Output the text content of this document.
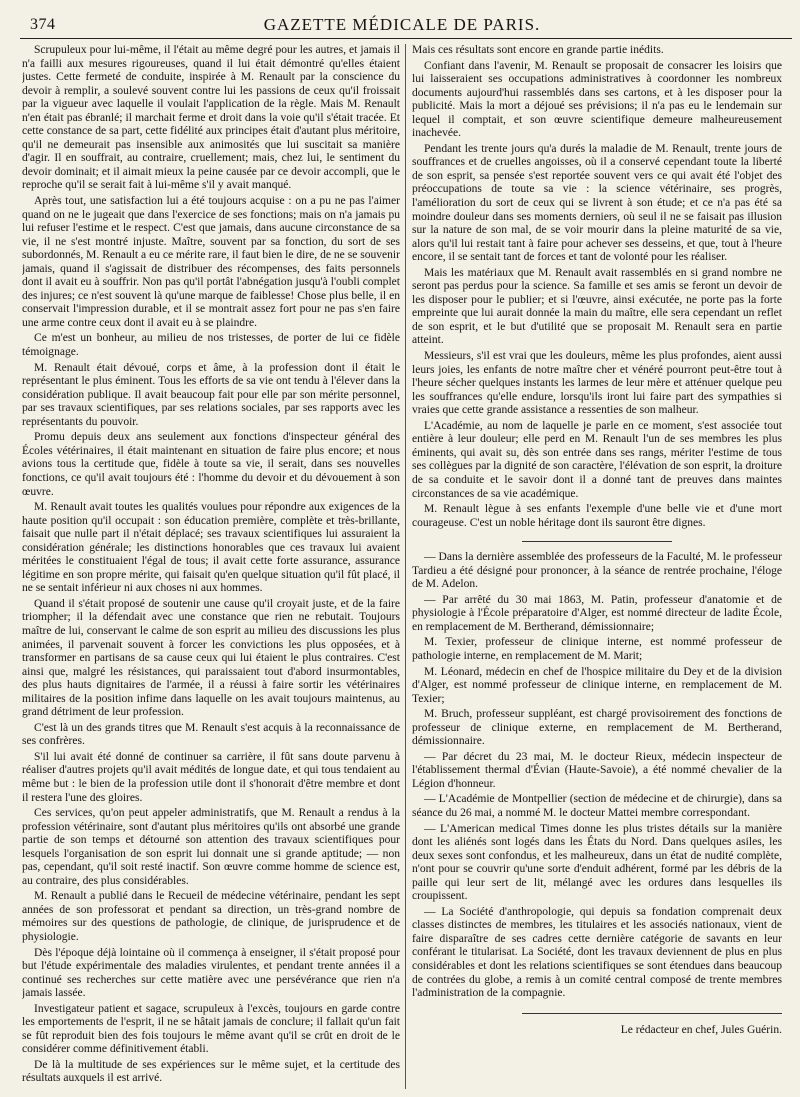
374	GAZETTE MÉDICALE DE PARIS.

Scrupuleux pour lui-même, il l'était au même degré pour les autres, et jamais il n'a failli aux mesures rigoureuses, quand il lui était démontré qu'elles étaient justes. Cette fermeté de conduite, inspirée à M. Renault par la conscience du devoir à remplir, a soulevé souvent contre lui les passions de ceux qu'il froissait par la vigueur avec laquelle il voulait l'application de la règle. Mais M. Renault n'en était pas ébranlé; il marchait ferme et droit dans la voie qu'il s'était tracée. Et cette constance de sa part, cette fidélité aux principes était d'autant plus méritoire, qu'il ne demeurait pas insensible aux animosités que lui suscitait sa manière d'agir. Il en souffrait, au contraire, cruellement; mais, chez lui, le sentiment du devoir dominait; et il aimait mieux la peine causée par ce devoir accompli, que le reproche qu'il se serait fait à lui-même s'il y avait manqué.

Après tout, une satisfaction lui a été toujours acquise : on a pu ne pas l'aimer quand on ne le jugeait que dans l'exercice de ses fonctions; mais on n'a jamais pu lui refuser l'estime et le respect. C'est que jamais, dans aucune circonstance de sa vie, il ne s'est montré injuste. Maître, souvent par sa fonction, du sort de ses subordonnés, M. Renault a eu ce mérite rare, il faut bien le dire, de ne se souvenir jamais, quand il s'agissait de distribuer des récompenses, des faits personnels dont il avait eu à souffrir. Non pas qu'il portât l'abnégation jusqu'à l'oubli complet des injures; ce n'est souvent là qu'une marque de faiblesse! Chose plus belle, il en conservait l'impression durable, et il se montrait assez fort pour ne pas s'en faire une arme contre ceux dont il avait eu à se plaindre.

Ce m'est un bonheur, au milieu de nos tristesses, de porter de lui ce fidèle témoignage.

M. Renault était dévoué, corps et âme, à la profession dont il était le représentant le plus éminent. Tous les efforts de sa vie ont tendu à l'élever dans la considération publique. Il avait beaucoup fait pour elle par son mérite personnel, par ses travaux scientifiques, par ses relations sociales, par ses rapports avec les représentants du pouvoir.

Promu depuis deux ans seulement aux fonctions d'inspecteur général des Écoles vétérinaires, il était maintenant en situation de faire plus encore; et nous avions tous la certitude que, fidèle à toute sa vie, il serait, dans ses nouvelles fonctions, ce qu'il avait toujours été : l'homme du devoir et du dévouement à son œuvre.

M. Renault avait toutes les qualités voulues pour répondre aux exigences de la haute position qu'il occupait : son éducation première, complète et très-brillante, faisait que nulle part il n'était déplacé; ses travaux scientifiques lui assuraient la considération générale; les distinctions honorables que ces travaux lui avaient méritées le constituaient l'égal de tous; il avait cette forte assurance, assurance légitime en son propre mérite, qui faisait qu'en quelque situation qu'il fût placé, il ne se sentait inférieur ni aux choses ni aux hommes.

Quand il s'était proposé de soutenir une cause qu'il croyait juste, et de la faire triompher; il la défendait avec une constance que rien ne rebutait. Toujours maître de lui, conservant le calme de son esprit au milieu des discussions les plus animées, il parvenait souvent à forcer les convictions les plus opposées, et à transformer en partisans de sa cause ceux qui lui étaient le plus contraires. C'est ainsi que, malgré les résistances, qui paraissaient tout d'abord insurmontables, des plus hauts dignitaires de l'armée, il a réussi à faire sortir les vétérinaires militaires de la position infime dans laquelle on les avait toujours maintenus, au grand détriment de leur profession.

C'est là un des grands titres que M. Renault s'est acquis à la reconnaissance de ses confrères.

S'il lui avait été donné de continuer sa carrière, il fût sans doute parvenu à réaliser d'autres projets qu'il avait médités de longue date, et qui tous tendaient au même but : le bien de la profession utile dont il s'honorait d'être membre et dont il restera l'une des gloires.

Ces services, qu'on peut appeler administratifs, que M. Renault a rendus à la profession vétérinaire, sont d'autant plus méritoires qu'ils ont absorbé une grande partie de son temps et détourné son attention des travaux scientifiques pour lesquels l'organisation de son esprit lui donnait une si grande aptitude; — non pas, cependant, qu'il soit resté inactif. Son œuvre comme homme de science est, au contraire, des plus considérables.

M. Renault a publié dans le Recueil de médecine vétérinaire, pendant les sept années de son professorat et pendant sa direction, un très-grand nombre de mémoires sur des questions de pathologie, de clinique, de jurisprudence et de physiologie.

Dès l'époque déjà lointaine où il commença à enseigner, il s'était proposé pour but l'étude expérimentale des maladies virulentes, et pendant trente années il a continué ses recherches sur cette matière avec une persévérance que rien n'a jamais lassée.

Investigateur patient et sagace, scrupuleux à l'excès, toujours en garde contre les emportements de l'esprit, il ne se hâtait jamais de conclure; il fallait qu'un fait se fût reproduit bien des fois toujours le même avant qu'il se crût en droit de le considérer comme définitivement établi.

De là la multitude de ses expériences sur le même sujet, et la certitude des résultats auxquels il est arrivé.

Mais ces résultats sont encore en grande partie inédits.

Confiant dans l'avenir, M. Renault se proposait de consacrer les loisirs que lui laisseraient ses occupations administratives à coordonner les nombreux documents aujourd'hui rassemblés dans ses cartons, et à les disposer pour la publicité. Mais la mort a déjoué ses prévisions; il n'a pas eu le lendemain sur lequel il comptait, et son œuvre scientifique demeure malheureusement inachevée.

Pendant les trente jours qu'a durés la maladie de M. Renault, trente jours de souffrances et de cruelles angoisses, où il a conservé cependant toute la liberté de son esprit, sa pensée s'est reportée souvent vers ce qui avait été l'objet des préoccupations de toute sa vie : la science vétérinaire, ses progrès, l'amélioration du sort de ceux qui se livrent à son étude; et ce n'a pas été sa moindre douleur dans ses moments derniers, où seul il ne se faisait pas illusion sur la nature de son mal, de se voir mourir dans la pleine maturité de sa vie, alors qu'il lui restait tant à faire pour achever ses desseins, et que, tout à l'heure encore, il se sentait tant de forces et tant de volonté pour les réaliser.

Mais les matériaux que M. Renault avait rassemblés en si grand nombre ne seront pas perdus pour la science. Sa famille et ses amis se feront un devoir de les disposer pour le publier; et si l'œuvre, ainsi exécutée, ne porte pas la forte empreinte que lui aurait donnée la main du maître, elle sera cependant un reflet de son esprit, et le but d'utilité que se proposait M. Renault sera en partie atteint.

Messieurs, s'il est vrai que les douleurs, même les plus profondes, aient aussi leurs joies, les enfants de notre maître cher et vénéré pourront peut-être tout à l'heure sécher quelques instants les larmes de leur mère et atténuer quelque peu les souffrances qu'elle endure, lorsqu'ils iront lui faire part des sympathies si vraies que cette grande assistance a ressenties de son malheur.

L'Académie, au nom de laquelle je parle en ce moment, s'est associée tout entière à leur douleur; elle perd en M. Renault l'un de ses membres les plus éminents, qui avait su, dès son entrée dans ses rangs, mériter l'estime de tous ses collègues par la dignité de son caractère, l'élévation de son esprit, la droiture de sa conduite et le savoir dont il a donné tant de preuves dans maintes circonstances de sa vie académique.

M. Renault lègue à ses enfants l'exemple d'une belle vie et d'une mort courageuse. C'est un noble héritage dont ils sauront être dignes.

— Dans la dernière assemblée des professeurs de la Faculté, M. le professeur Tardieu a été désigné pour prononcer, à la séance de rentrée prochaine, l'éloge de M. Adelon.

— Par arrêté du 30 mai 1863, M. Patin, professeur d'anatomie et de physiologie à l'École préparatoire d'Alger, est nommé directeur de ladite École, en remplacement de M. Bertherand, démissionnaire;

M. Texier, professeur de clinique interne, est nommé professeur de pathologie interne, en remplacement de M. Marit;

M. Léonard, médecin en chef de l'hospice militaire du Dey et de la division d'Alger, est nommé professeur de clinique interne, en remplacement de M. Texier;

M. Bruch, professeur suppléant, est chargé provisoirement des fonctions de professeur de clinique externe, en remplacement de M. Bertherand, démissionnaire.

— Par décret du 23 mai, M. le docteur Rieux, médecin inspecteur de l'établissement thermal d'Évian (Haute-Savoie), a été nommé chevalier de la Légion d'honneur.

— L'Académie de Montpellier (section de médecine et de chirurgie), dans sa séance du 26 mai, a nommé M. le docteur Mattei membre correspondant.

— L'American medical Times donne les plus tristes détails sur la manière dont les aliénés sont logés dans les États du Nord. Dans quelques asiles, les deux sexes sont confondus, et les malheureux, dans un état de nudité complète, n'ont pour se couvrir qu'une sorte d'enduit adhérent, formé par les débris de la paille qui leur sert de lit, mélangé avec les ordures dans lesquelles ils croupissent.

— La Société d'anthropologie, qui depuis sa fondation comprenait deux classes distinctes de membres, les titulaires et les associés nationaux, vient de faire disparaître de ses cadres cette dernière catégorie de savants en leur conférant le titularisat. La Société, dont les travaux deviennent de plus en plus considérables et dont les relations scientifiques se sont étendues dans beaucoup de contrées du globe, a remis à un comité central composé de trente membres l'administration de la compagnie.

Le rédacteur en chef, Jules Guérin.
